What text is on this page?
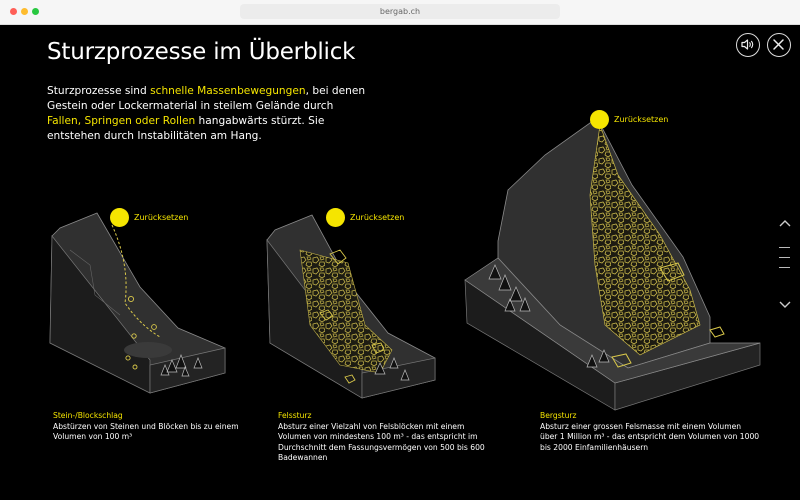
bergab.ch
Sturzprozesse im Überblick

Sturzprozesse sind schnelle Massenbewegungen, bei denen Gestein oder Lockermaterial in steilem Gelände durch Fallen, Springen oder Rollen hangabwärts stürzt. Sie entstehen durch Instabilitäten am Hang.

Zurücksetzen	Zurücksetzen
Zurücksetzen
Stein-/Blockschlag
Abstürzen von Steinen und Blöcken bis zu einem Volumen von 100 m³
Felssturz
Absturz einer Vielzahl von Felsblöcken mit einem Volumen von mindestens 100 m³ - das entspricht im Durchschnitt dem Fassungsvermögen von 500 bis 600 Badewannen
Bergsturz
Absturz einer grossen Felsmasse mit einem Volumen über 1 Million m³ - das entspricht dem Volumen von 1000 bis 2000 Einfamilienhäusern
